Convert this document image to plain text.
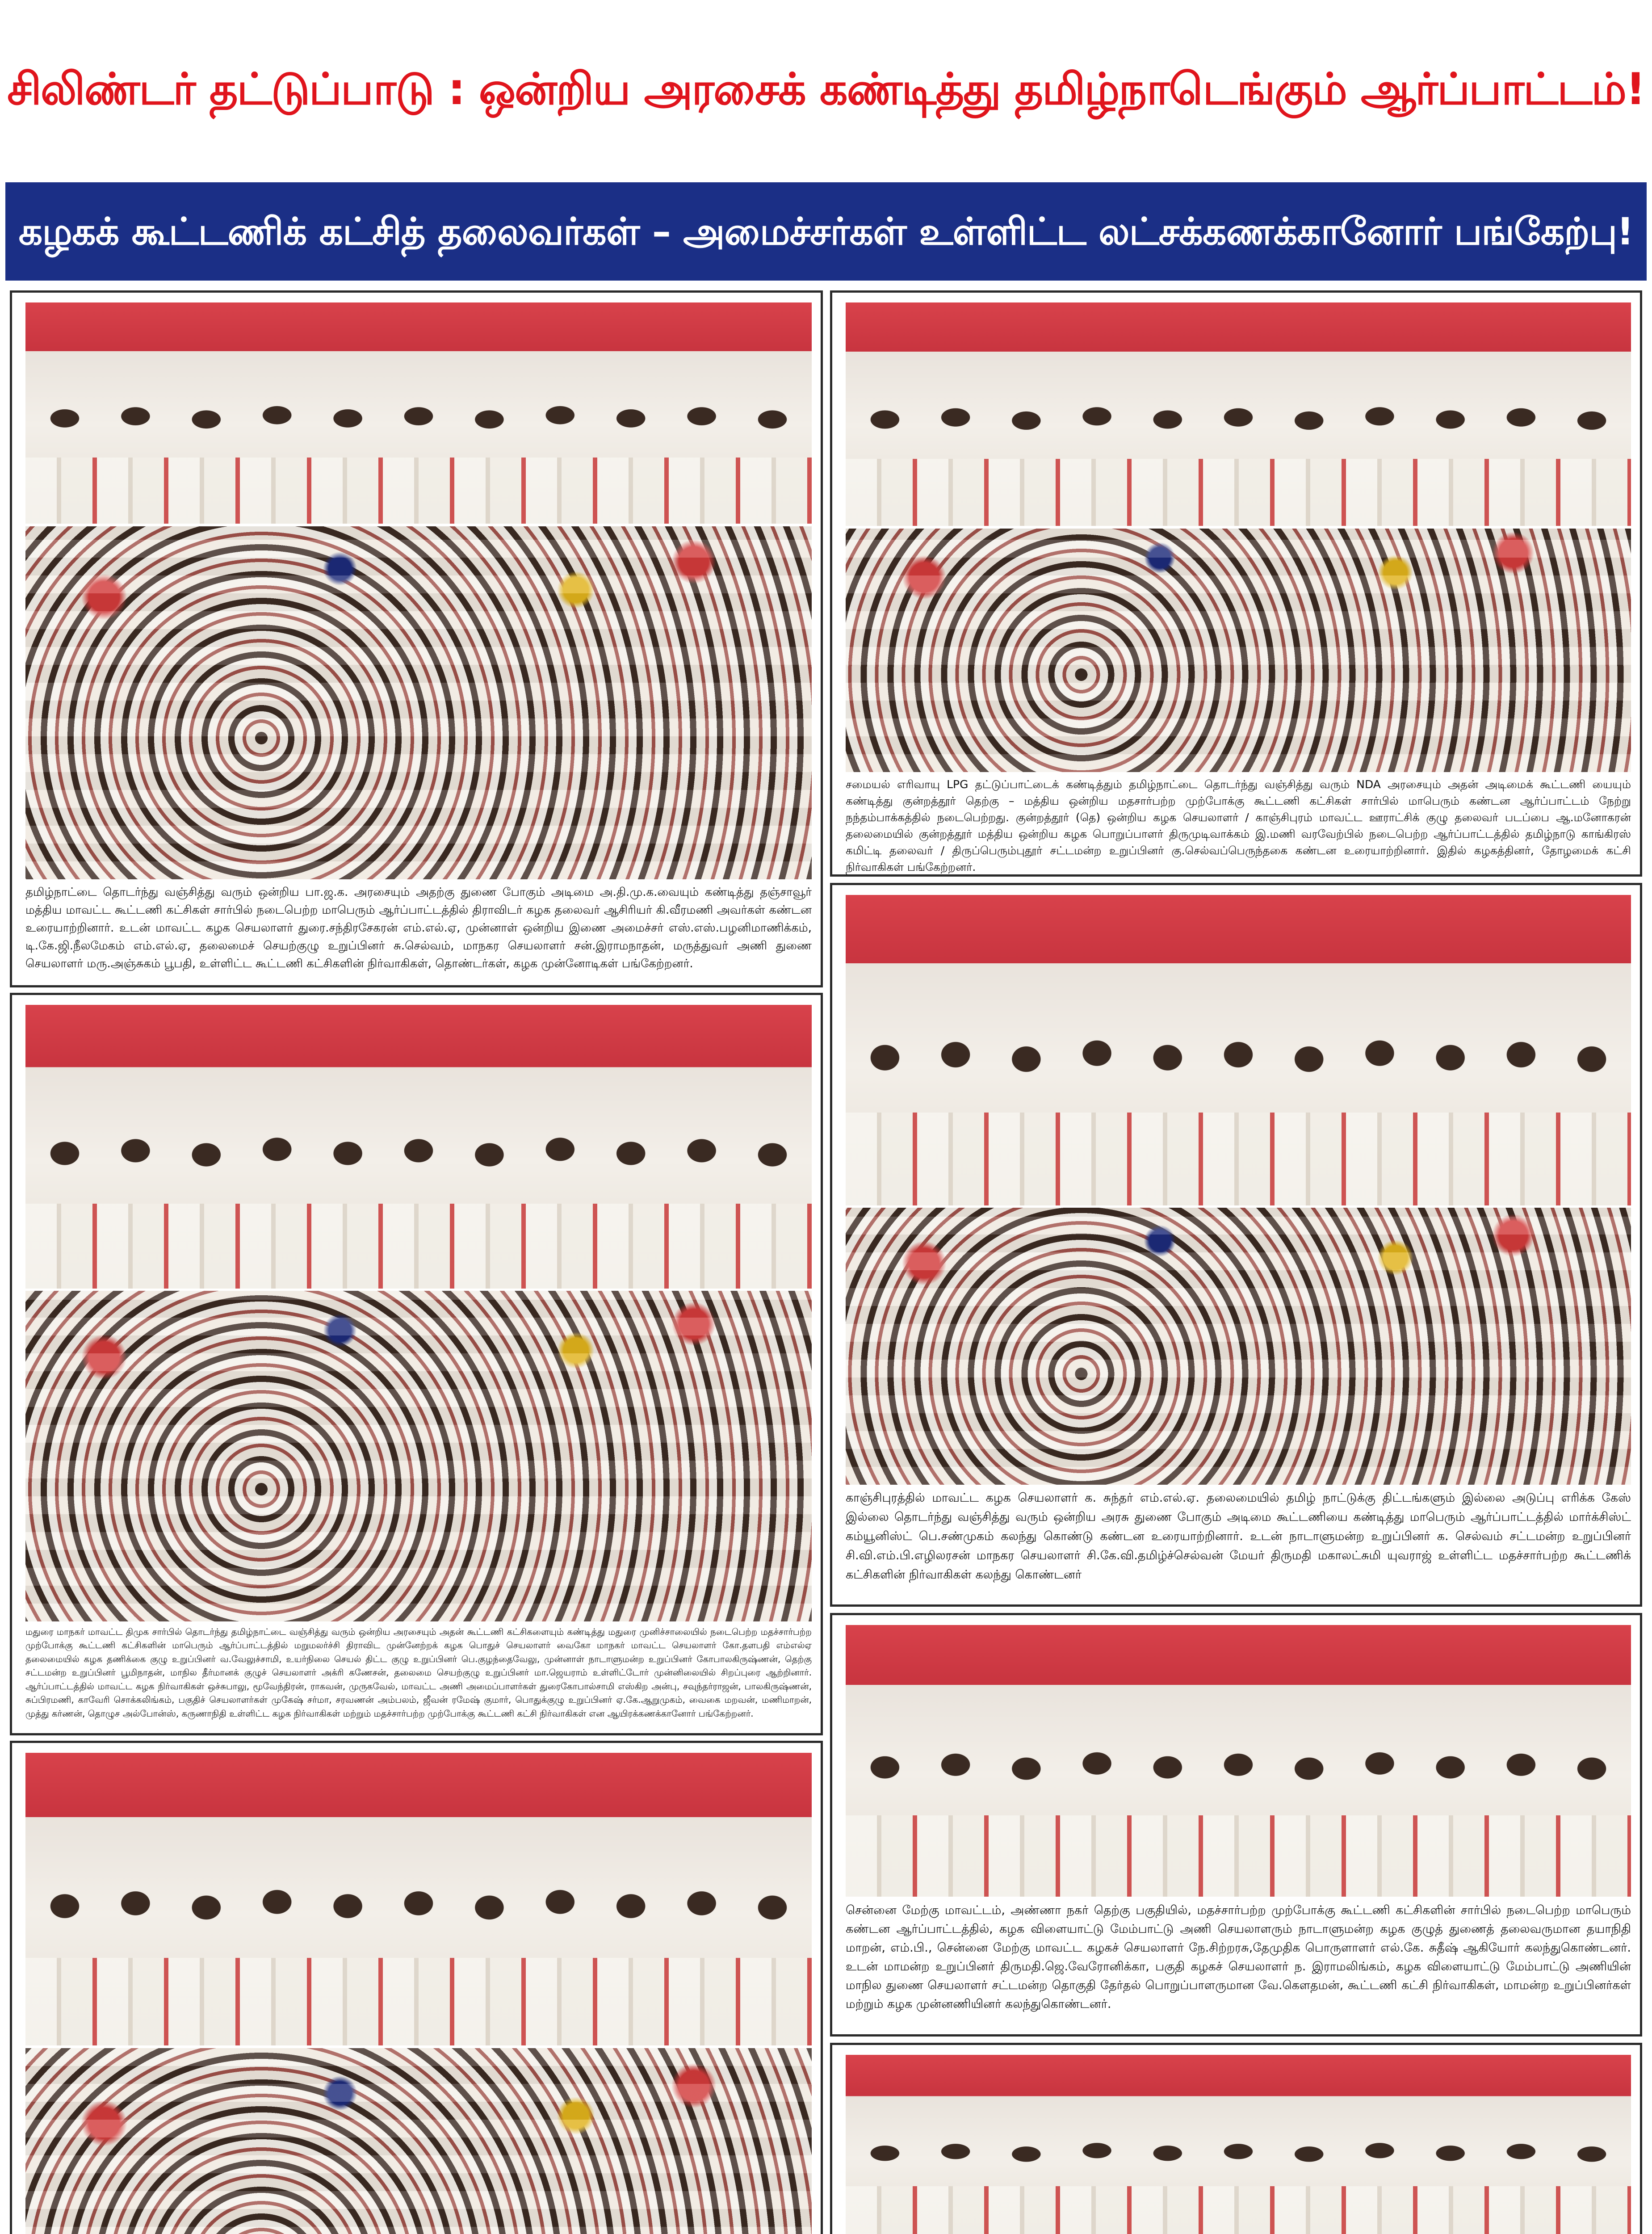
சிலிண்டர் தட்டுப்பாடு : ஒன்றிய அரசைக் கண்டித்து தமிழ்நாடெங்கும் ஆர்ப்பாட்டம்!
கழகக் கூட்டணிக் கட்சித் தலைவர்கள் – அமைச்சர்கள் உள்ளிட்ட லட்சக்கணக்கானோர் பங்கேற்பு!
தமிழ்நாட்டை தொடர்ந்து வஞ்சித்து வரும் ஒன்றிய பா.ஜ.க. அரசையும் அதற்கு துணை போகும் அடிமை அ.தி.மு.க.வையும் கண்டித்து தஞ்சாவூர் மத்திய மாவட்ட கூட்டணி கட்சிகள் சார்பில் நடைபெற்ற மாபெரும் ஆர்ப்பாட்டத்தில் திராவிடர் கழக தலைவர் ஆசிரியர் கி.வீரமணி அவர்கள் கண்டன உரையாற்றினார். உடன் மாவட்ட கழக செயலாளர் துரை.சந்திரசேகரன் எம்.எல்.ஏ, முன்னாள் ஒன்றிய இணை அமைச்சர் எஸ்.எஸ்.பழனிமாணிக்கம், டி.கே.ஜி.நீலமேகம் எம்.எல்.ஏ, தலைமைச் செயற்குழு உறுப்பினர் சு.செல்வம், மாநகர செயலாளர் சன்.இராமநாதன், மருத்துவர் அணி துணை செயலாளர் மரு.அஞ்சுகம் பூபதி, உள்ளிட்ட கூட்டணி கட்சிகளின் நிர்வாகிகள், தொண்டர்கள், கழக முன்னோடிகள் பங்கேற்றனர்.
மதுரை மாநகர் மாவட்ட திமுக சார்பில் தொடர்ந்து தமிழ்நாட்டை வஞ்சித்து வரும் ஒன்றிய அரசையும் அதன் கூட்டணி கட்சிகளையும் கண்டித்து மதுரை முனிச்சாலையில் நடைபெற்ற மதச்சார்பற்ற முற்போக்கு கூட்டணி கட்சிகளின் மாபெரும் ஆர்ப்பாட்டத்தில் மறுமலர்ச்சி திராவிட முன்னேற்றக் கழக பொதுச் செயலாளர் வைகோ மாநகர் மாவட்ட செயலாளர் கோ.தளபதி எம்எல்ஏ தலைமையில் கழக தணிக்கை குழு உறுப்பினர் வ.வேலுச்சாமி, உயர்நிலை செயல் திட்ட குழு உறுப்பினர் பெ.குழந்தைவேலு, முன்னாள் நாடாளுமன்ற உறுப்பினர் கோபாலகிருஷ்ணன், தெற்கு சட்டமன்ற உறுப்பினர் பூமிநாதன், மாநில தீர்மானக் குழுச் செயலாளர் அக்ரி கணேசன், தலைமை செயற்குழு உறுப்பினர் மா.ஜெயராம் உள்ளிட்டோர் முன்னிலையில் சிறப்புரை ஆற்றினார். ஆர்ப்பாட்டத்தில் மாவட்ட கழக நிர்வாகிகள் ஒச்சுபாலு, மூவேந்திரன், ராகவன், முருகவேல், மாவட்ட அணி அமைப்பாளர்கள் துரைகோபால்சாமி எஸ்கிற அன்பு, சவுந்தர்ராஜன், பாலகிருஷ்ணன், சுப்பிரமணி, காவேரி சொக்கலிங்கம், பகுதிச் செயலாளர்கள் முகேஷ் சர்மா, சரவணன் அம்பலம், ஜீவன் ரமேஷ் குமார், பொதுக்குழு உறுப்பினர் ஏ.கே.ஆறுமுகம், வைகை மறவன், மணிமாறன், முத்து கர்ணன், தொழுச அல்போன்ஸ், கருணாநிதி உள்ளிட்ட கழக நிர்வாகிகள் மற்றும் மதச்சார்பற்ற முற்போக்கு கூட்டணி கட்சி நிர்வாகிகள் என ஆயிரக்கணக்கானோர் பங்கேற்றனர்.
சமையல் எரிவாயு LPG தட்டுப்பாட்டைக் கண்டித்தும் தமிழ்நாட்டை தொடர்ந்து வஞ்சித்து வரும் NDA அரசையும் அதன் அடிமைக் கூட்டணி யையும் கண்டித்து குன்றத்தூர் தெற்கு – மத்திய ஒன்றிய மதசார்பற்ற முற்போக்கு கூட்டணி கட்சிகள் சார்பில் மாபெரும் கண்டன ஆர்ப்பாட்டம் நேற்று நந்தம்பாக்கத்தில் நடைபெற்றது. குன்றத்தூர் (தெ) ஒன்றிய கழக செயலாளர் / காஞ்சிபுரம் மாவட்ட ஊராட்சிக் குழு தலைவர் படப்பை ஆ.மனோகரன் தலைமையில் குன்றத்தூர் மத்திய ஒன்றிய கழக பொறுப்பாளர் திருமுடிவாக்கம் இ.மணி வரவேற்பில் நடைபெற்ற ஆர்ப்பாட்டத்தில் தமிழ்நாடு காங்கிரஸ் கமிட்டி தலைவர் / திருப்பெரும்புதூர் சட்டமன்ற உறுப்பினர் கு.செல்வப்பெருந்தகை கண்டன உரையாற்றினார். இதில் கழகத்தினர், தோழமைக் கட்சி நிர்வாகிகள் பங்கேற்றனர்.
காஞ்சிபுரத்தில் மாவட்ட கழக செயலாளர் க. சுந்தர் எம்.எல்.ஏ. தலைமையில் தமிழ் நாட்டுக்கு திட்டங்களும் இல்லை அடுப்பு எரிக்க கேஸ் இல்லை தொடர்ந்து வஞ்சித்து வரும் ஒன்றிய அரசு துணை போகும் அடிமை கூட்டணியை கண்டித்து மாபெரும் ஆர்ப்பாட்டத்தில் மார்க்சிஸ்ட் கம்யூனிஸ்ட் பெ.சண்முகம் கலந்து கொண்டு கண்டன உரையாற்றினார். உடன் நாடாளுமன்ற உறுப்பினர் க. செல்வம் சட்டமன்ற உறுப்பினர் சி.வி.எம்.பி.எழிலரசன் மாநகர செயலாளர் சி.கே.வி.தமிழ்ச்செல்வன் மேயர் திருமதி மகாலட்சுமி யுவராஜ் உள்ளிட்ட மதச்சார்பற்ற கூட்டணிக் கட்சிகளின் நிர்வாகிகள் கலந்து கொண்டனர்
சென்னை மேற்கு மாவட்டம், அண்ணா நகர் தெற்கு பகுதியில், மதச்சார்பற்ற முற்போக்கு கூட்டணி கட்சிகளின் சார்பில் நடைபெற்ற மாபெரும் கண்டன ஆர்ப்பாட்டத்தில், கழக விளையாட்டு மேம்பாட்டு அணி செயலாளரும் நாடாளுமன்ற கழக குழுத் துணைத் தலைவருமான தயாநிதி மாறன், எம்.பி., சென்னை மேற்கு மாவட்ட கழகச் செயலாளர் நே.சிற்றரசு,தேமுதிக பொருளாளர் எல்.கே. சுதீஷ் ஆகியோர் கலந்துகொண்டனர். உடன் மாமன்ற உறுப்பினர் திருமதி.ஜெ.வேரோனிக்கா, பகுதி கழகச் செயலாளர் ந. இராமலிங்கம், கழக விளையாட்டு மேம்பாட்டு அணியின் மாநில துணை செயலாளர் சட்டமன்ற தொகுதி தேர்தல் பொறுப்பாளருமான வே.கௌதமன், கூட்டணி கட்சி நிர்வாகிகள், மாமன்ற உறுப்பினர்கள் மற்றும் கழக முன்னணியினர் கலந்துகொண்டனர்.
